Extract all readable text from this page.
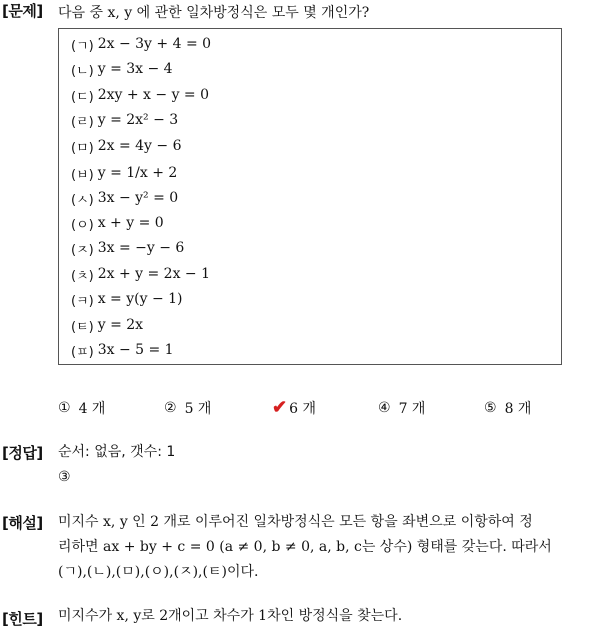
[문제] 다음 중 x, y 에 관한 일차방정식은 모두 몇 개인가?
(ㄱ) 2x − 3y + 4 = 0
(ㄴ) y = 3x − 4
(ㄷ) 2xy + x − y = 0
(ㄹ) y = 2x² − 3
(ㅁ) 2x = 4y − 6
(ㅂ) y = 1/x + 2
(ㅅ) 3x − y² = 0
(ㅇ) x + y = 0
(ㅈ) 3x = −y − 6
(ㅊ) 2x + y = 2x − 1
(ㅋ) x = y(y − 1)
(ㅌ) y = 2x
(ㅍ) 3x − 5 = 1
① 4 개	② 5 개	✔ 6 개	④ 7 개	⑤ 8 개
[정답] 순서: 없음, 갯수: 1
③
[해설] 미지수 x, y 인 2 개로 이루어진 일차방정식은 모든 항을 좌변으로 이항하여 정
리하면 ax + by + c = 0 (a ≠ 0, b ≠ 0, a, b, c는 상수) 형태를 갖는다. 따라서
(ㄱ),(ㄴ),(ㅁ),(ㅇ),(ㅈ),(ㅌ)이다.
[힌트] 미지수가 x, y로 2개이고 차수가 1차인 방정식을 찾는다.
